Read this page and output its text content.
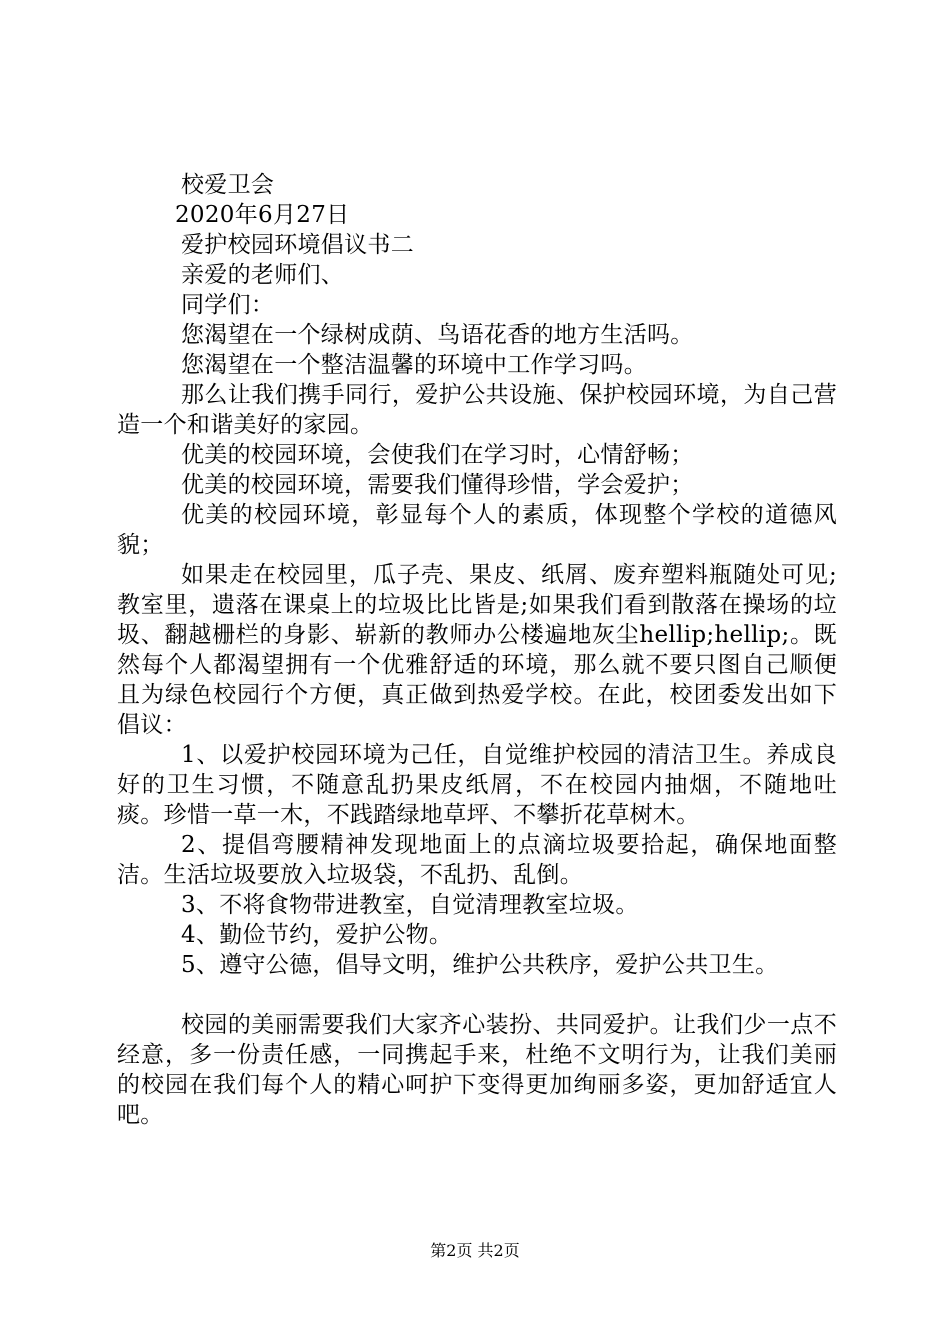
校爱卫会
2020年6月27日
爱护校园环境倡议书二
亲爱的老师们、
同学们：
您渴望在一个绿树成荫、鸟语花香的地方生活吗。
您渴望在一个整洁温馨的环境中工作学习吗。
那么让我们携手同行，爱护公共设施、保护校园环境，为自己营造一个和谐美好的家园。
优美的校园环境，会使我们在学习时，心情舒畅；
优美的校园环境，需要我们懂得珍惜，学会爱护；
优美的校园环境，彰显每个人的素质，体现整个学校的道德风貌；
如果走在校园里，瓜子壳、果皮、纸屑、废弃塑料瓶随处可见;教室里，遗落在课桌上的垃圾比比皆是;如果我们看到散落在操场的垃圾、翻越栅栏的身影、崭新的教师办公楼遍地灰尘hellip;hellip;。既然每个人都渴望拥有一个优雅舒适的环境，那么就不要只图自己顺便且为绿色校园行个方便，真正做到热爱学校。在此，校团委发出如下倡议：
1、以爱护校园环境为己任，自觉维护校园的清洁卫生。养成良好的卫生习惯，不随意乱扔果皮纸屑，不在校园内抽烟，不随地吐痰。珍惜一草一木，不践踏绿地草坪、不攀折花草树木。
2、提倡弯腰精神发现地面上的点滴垃圾要拾起，确保地面整洁。生活垃圾要放入垃圾袋，不乱扔、乱倒。
3、不将食物带进教室，自觉清理教室垃圾。
4、勤俭节约，爱护公物。
5、遵守公德，倡导文明，维护公共秩序，爱护公共卫生。
校园的美丽需要我们大家齐心装扮、共同爱护。让我们少一点不经意，多一份责任感，一同携起手来，杜绝不文明行为，让我们美丽的校园在我们每个人的精心呵护下变得更加绚丽多姿，更加舒适宜人吧。
第2页 共2页
